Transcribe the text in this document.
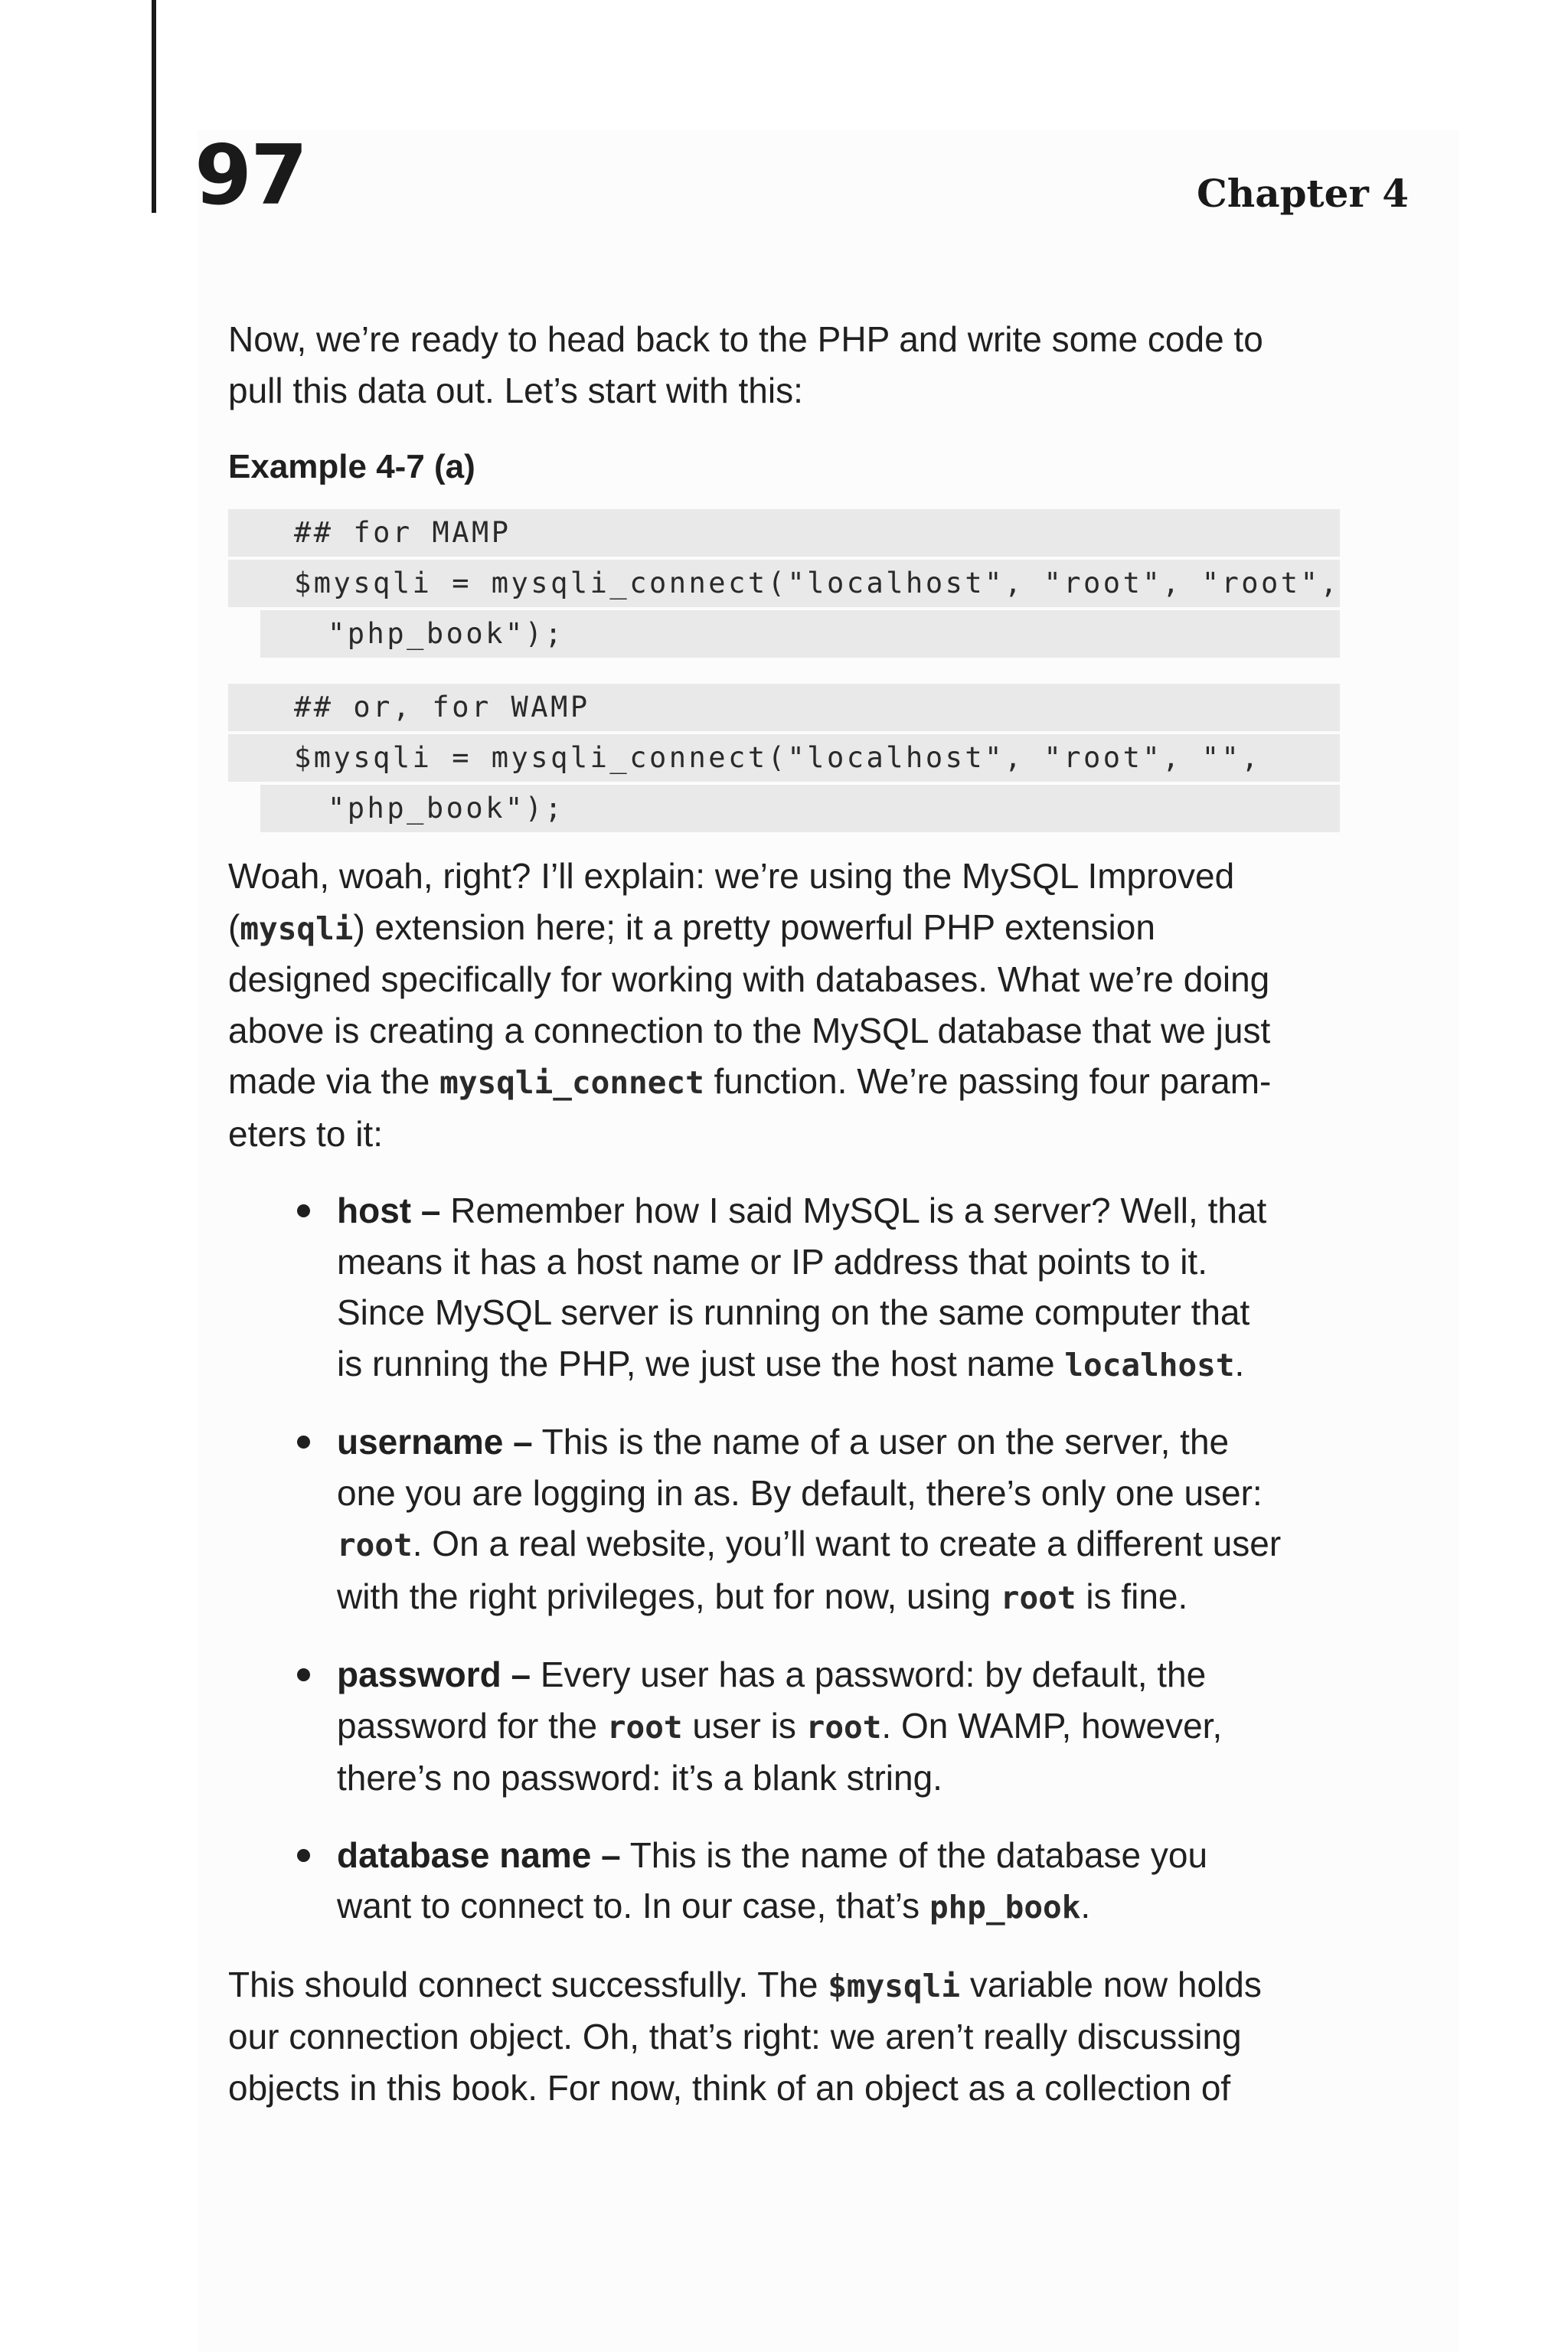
97	Chapter 4

Now, we’re ready to head back to the PHP and write some code to
pull this data out. Let’s start with this:

Example 4-7 (a)
## for MAMP
$mysqli = mysqli_connect("localhost", "root", "root",
"php_book");
## or, for WAMP
$mysqli = mysqli_connect("localhost", "root", "",
"php_book");

Woah, woah, right? I’ll explain: we’re using the MySQL Improved
(mysqli) extension here; it a pretty powerful PHP extension
designed specifically for working with databases. What we’re doing
above is creating a connection to the MySQL database that we just
made via the mysqli_connect function. We’re passing four param-
eters to it:

host – Remember how I said MySQL is a server? Well, that
means it has a host name or IP address that points to it.
Since MySQL server is running on the same computer that
is running the PHP, we just use the host name localhost.
username – This is the name of a user on the server, the
one you are logging in as. By default, there’s only one user:
root. On a real website, you’ll want to create a different user
with the right privileges, but for now, using root is fine.
password – Every user has a password: by default, the
password for the root user is root. On WAMP, however,
there’s no password: it’s a blank string.
database name – This is the name of the database you
want to connect to. In our case, that’s php_book.

This should connect successfully. The $mysqli variable now holds
our connection object. Oh, that’s right: we aren’t really discussing
objects in this book. For now, think of an object as a collection of
